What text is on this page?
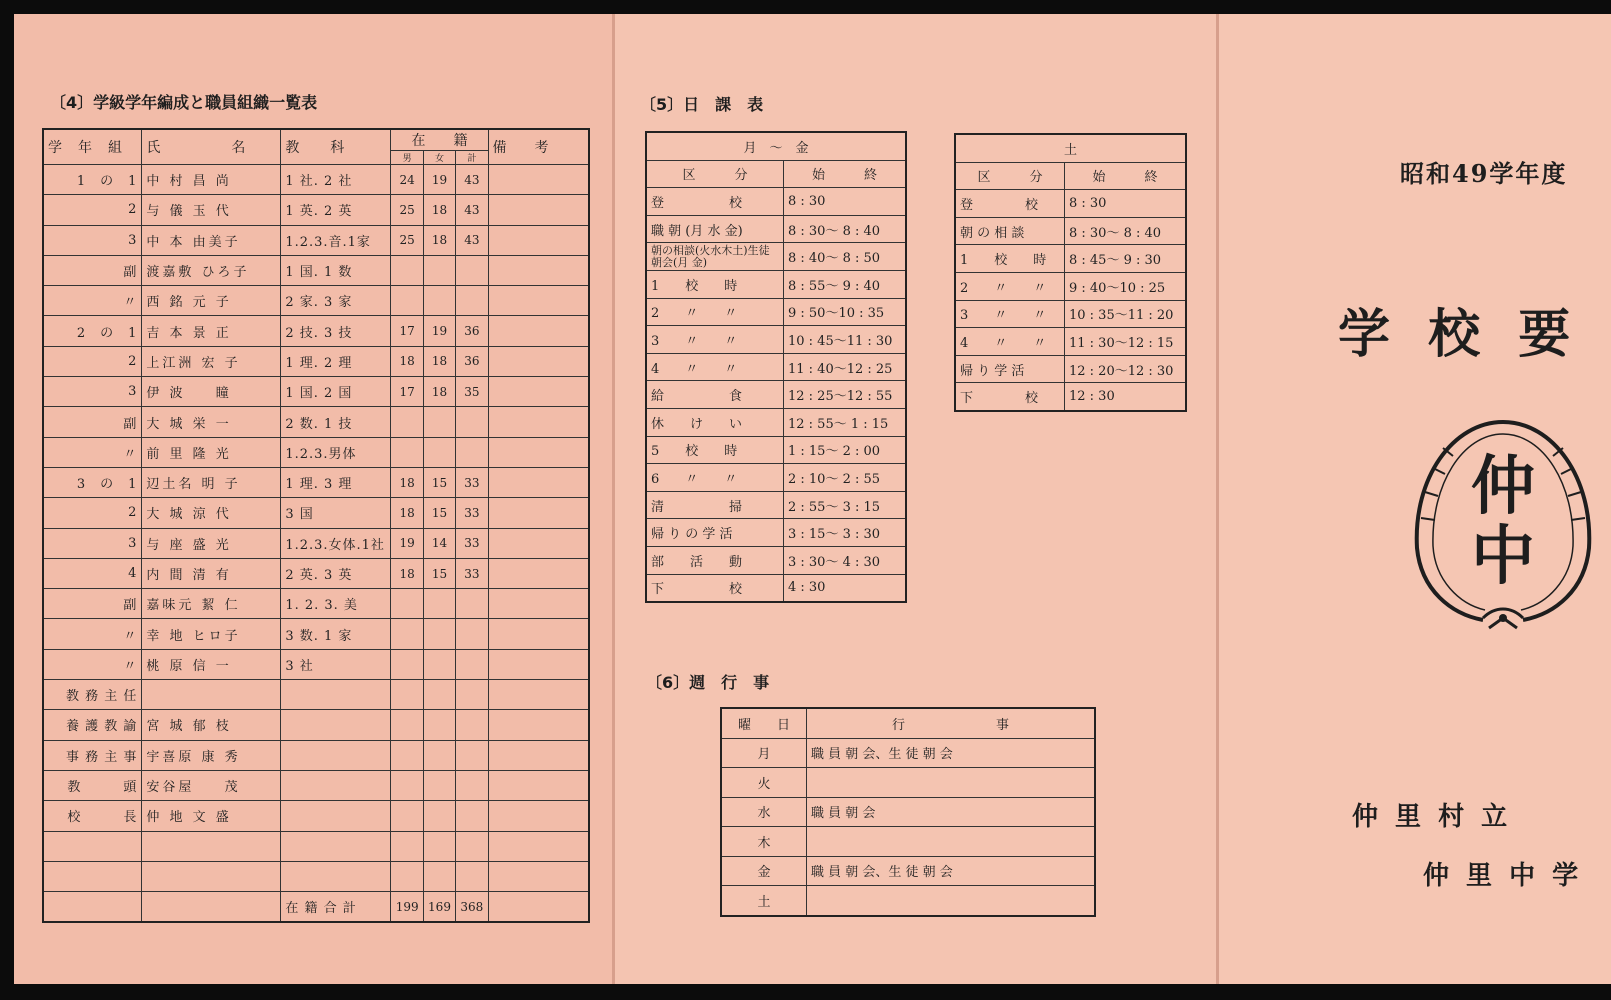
〔4〕学級学年編成と職員組織一覧表
学　年　組	氏　　　　名	教　　科	在　　籍			備　　考
			男	女	計	
1　の　1	中 村 昌 尚	1 社. 2 社	24	19	43	
2	与 儀 玉 代	1 英. 2 英	25	18	43	
3	中 本 由美子	1.2.3.音.1家	25	18	43	
副	渡嘉敷 ひろ子	1 国. 1 数				
〃	西 銘 元 子	2 家. 3 家				
2　の　1	吉 本 景 正	2 技. 3 技	17	19	36	
2	上江洲 宏 子	1 理. 2 理	18	18	36	
3	伊 波 　 瞳	1 国. 2 国	17	18	35	
副	大 城 栄 一	2 数. 1 技				
〃	前 里 隆 光	1.2.3.男体				
3　の　1	辺土名 明 子	1 理. 3 理	18	15	33	
2	大 城 涼 代	3 国	18	15	33	
3	与 座 盛 光	1.2.3.女体.1社	19	14	33	
4	内 間 清 有	2 英. 3 英	18	15	33	
副	嘉味元 絜 仁	1. 2. 3. 美				
〃	幸 地 ヒロ子	3 数. 1 家				
〃	桃 原 信 一	3 社				
教 務 主 任						
養 護 教 諭	宮 城 郁 枝					
事 務 主 事	宇喜原 康 秀					
教　　　頭	安谷屋 　 茂					
校　　　長	仲 地 文 盛					

		在 籍 合 計	199	169	368	
〔5〕日　課　表
月　〜　金	
区　　　分	始　　　終
登　　　　　校	8 : 30
職 朝 (月 水 金)	8 : 30〜 8 : 40
朝の相談(火水木土)生徒朝会(月 金)	8 : 40〜 8 : 50
1　　校　　時	8 : 55〜 9 : 40
2　　〃　　〃	9 : 50〜10 : 35
3　　〃　　〃	10 : 45〜11 : 30
4　　〃　　〃	11 : 40〜12 : 25
給　　　　　食	12 : 25〜12 : 55
休　　け　　い	12 : 55〜 1 : 15
5　　校　　時	1 : 15〜 2 : 00
6　　〃　　〃	2 : 10〜 2 : 55
清　　　　　掃	2 : 55〜 3 : 15
帰 り の 学 活	3 : 15〜 3 : 30
部　　活　　動	3 : 30〜 4 : 30
下　　　　　校	4 : 30
土	
区　　　分	始　　　終
登　　　　校	8 : 30
朝 の 相 談	8 : 30〜 8 : 40
1　　校　　時	8 : 45〜 9 : 30
2　　〃　　〃	9 : 40〜10 : 25
3　　〃　　〃	10 : 35〜11 : 20
4　　〃　　〃	11 : 30〜12 : 15
帰 り 学 活	12 : 20〜12 : 30
下　　　　校	12 : 30
〔6〕週　行　事
曜　　日	行　　　　　　　事
月	職 員 朝 会、生 徒 朝 会
火	
水	職 員 朝 会
木	
金	職 員 朝 会、生 徒 朝 会
土	
昭和49学年度
学 校 要
仲中
仲 里 村 立
仲 里 中 学
